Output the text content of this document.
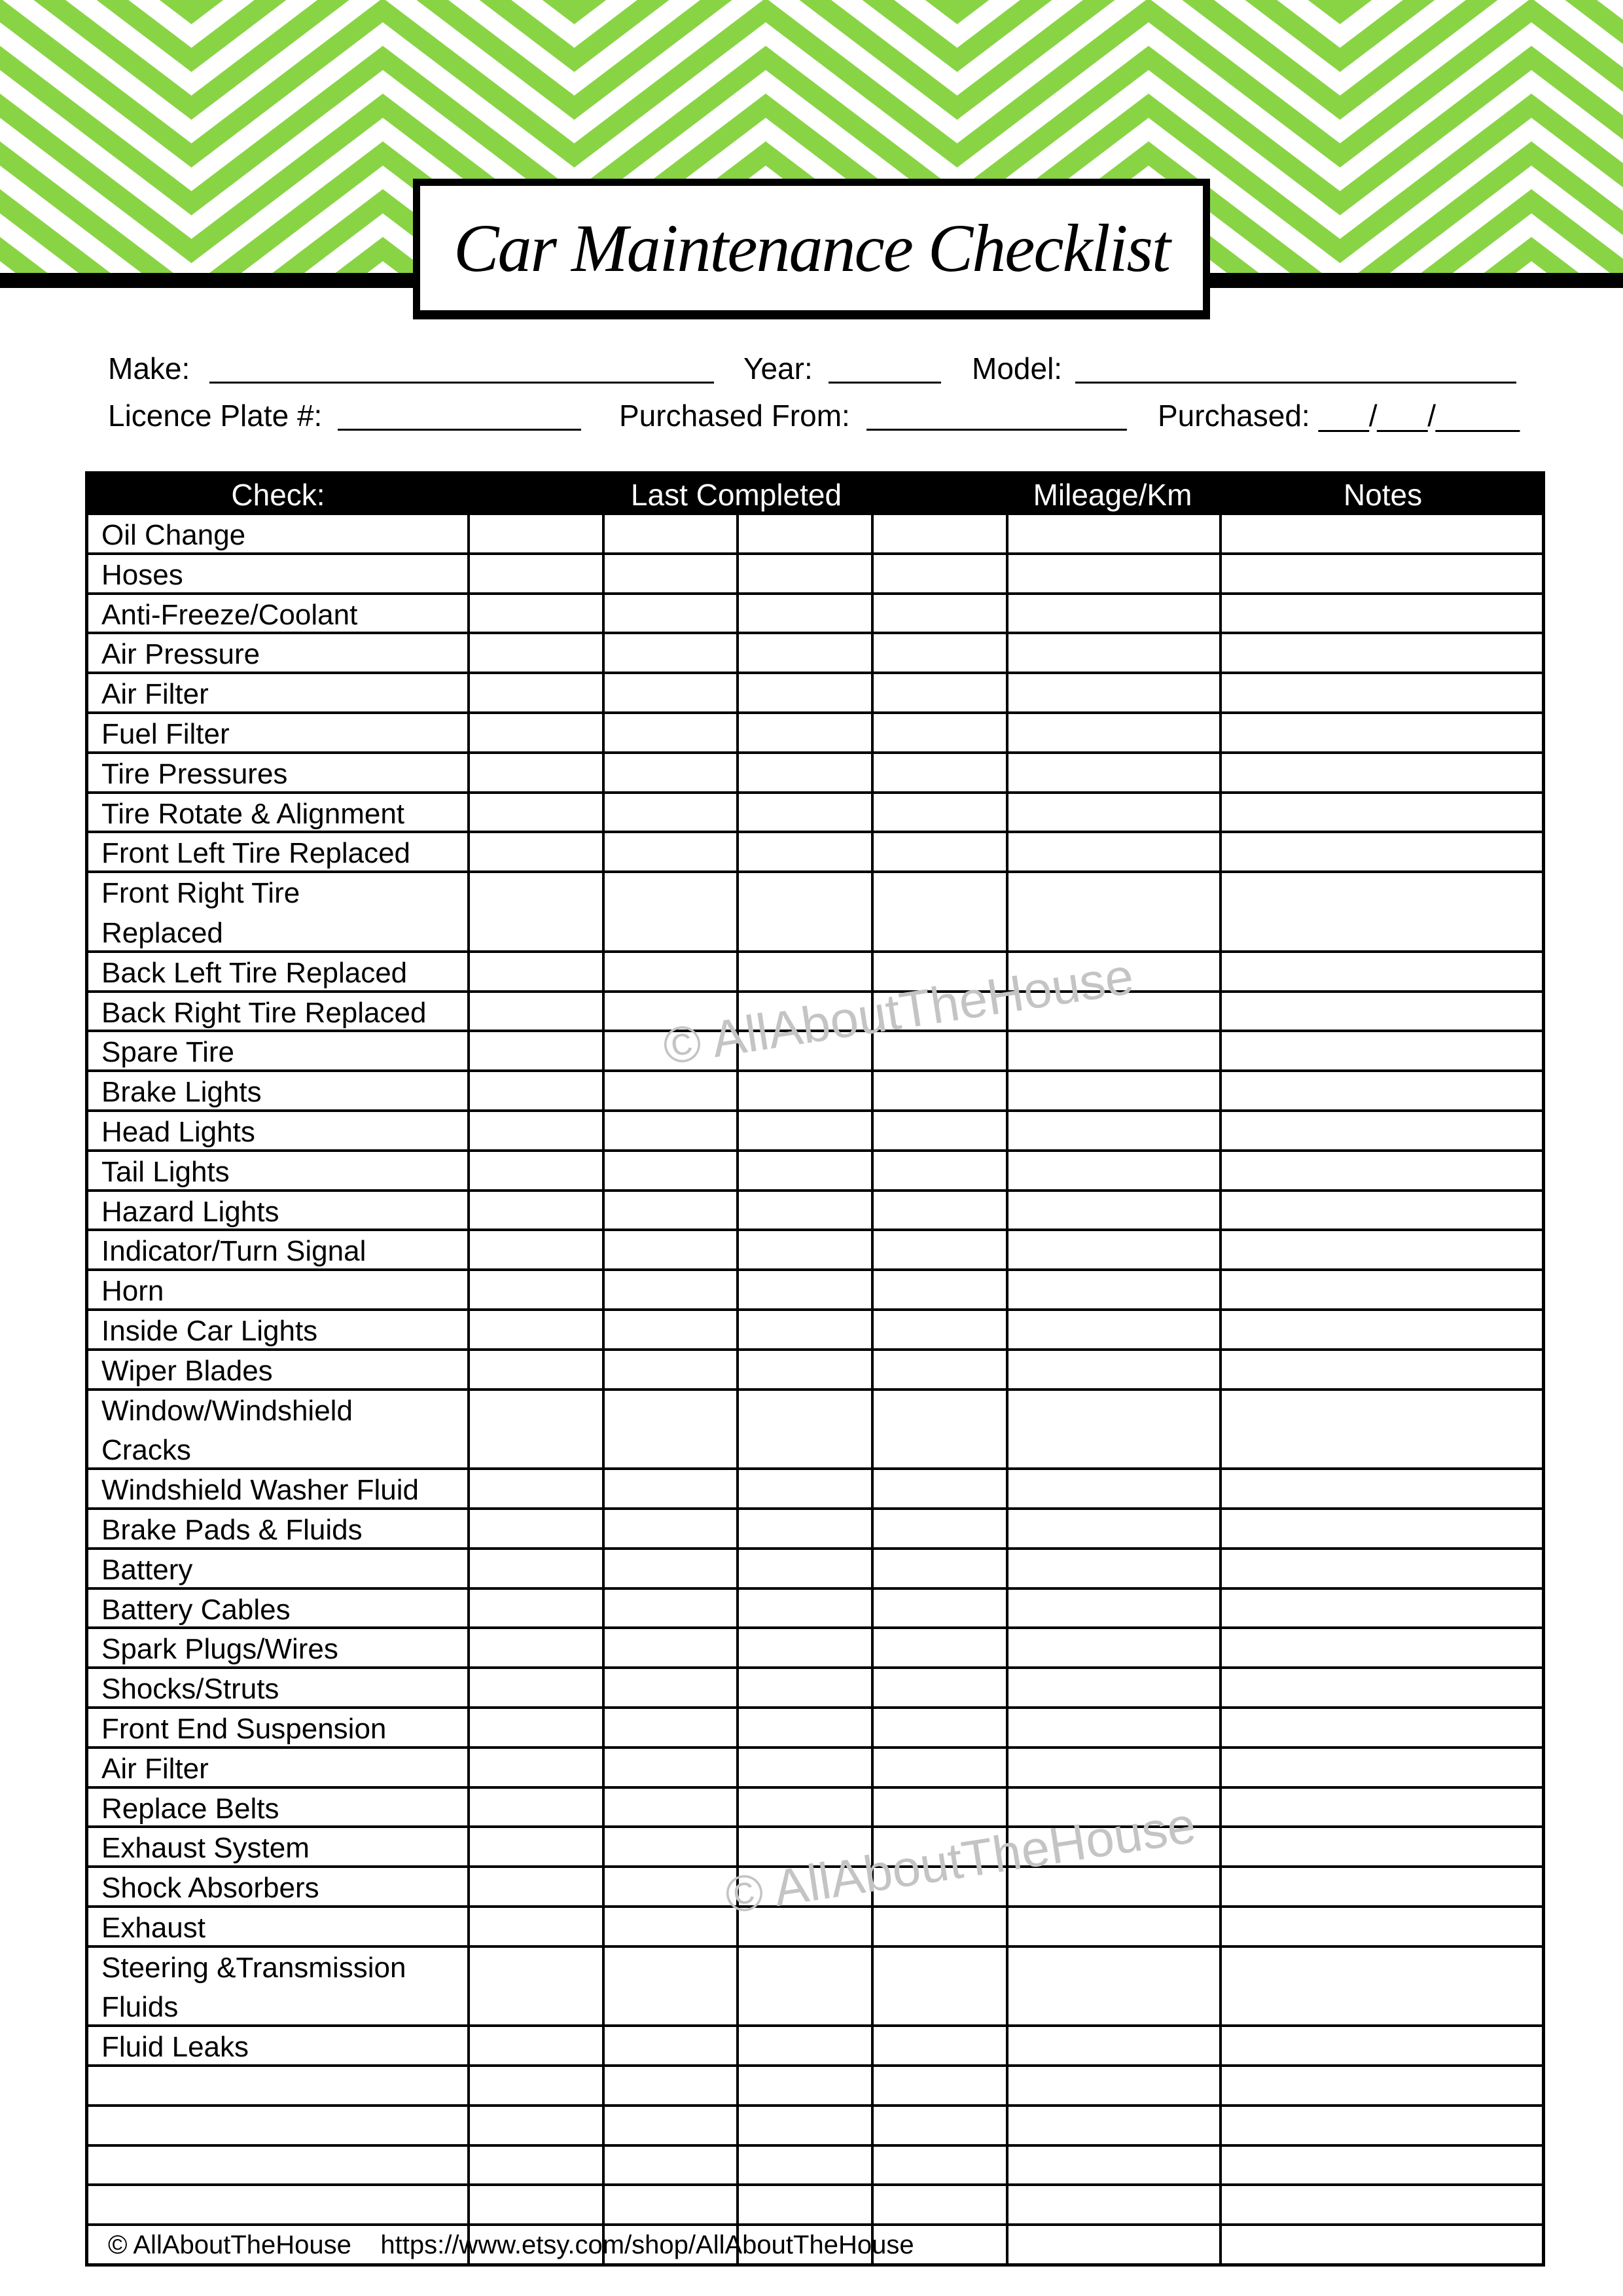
Car Maintenance Checklist
Make:	Year:	Model:
Licence Plate #:	Purchased From:	Purchased: ___/___/_____
Check:	Last Completed	Mileage/Km	Notes
Oil Change
Hoses
Anti-Freeze/Coolant
Air Pressure
Air Filter
Fuel Filter
Tire Pressures
Tire Rotate & Alignment
Front Left Tire Replaced
Front Right Tire
Replaced
Back Left Tire Replaced
Back Right Tire Replaced
Spare Tire
Brake Lights
Head Lights
Tail Lights
Hazard Lights
Indicator/Turn Signal
Horn
Inside Car Lights
Wiper Blades
Window/Windshield
Cracks
Windshield Washer Fluid
Brake Pads & Fluids
Battery
Battery Cables
Spark Plugs/Wires
Shocks/Struts
Front End Suspension
Air Filter
Replace Belts
Exhaust System
Shock Absorbers
Exhaust
Steering &Transmission
Fluids
Fluid Leaks
© AllAboutTheHouse
© AllAboutTheHouse
© AllAboutTheHouse    https://www.etsy.com/shop/AllAboutTheHouse
